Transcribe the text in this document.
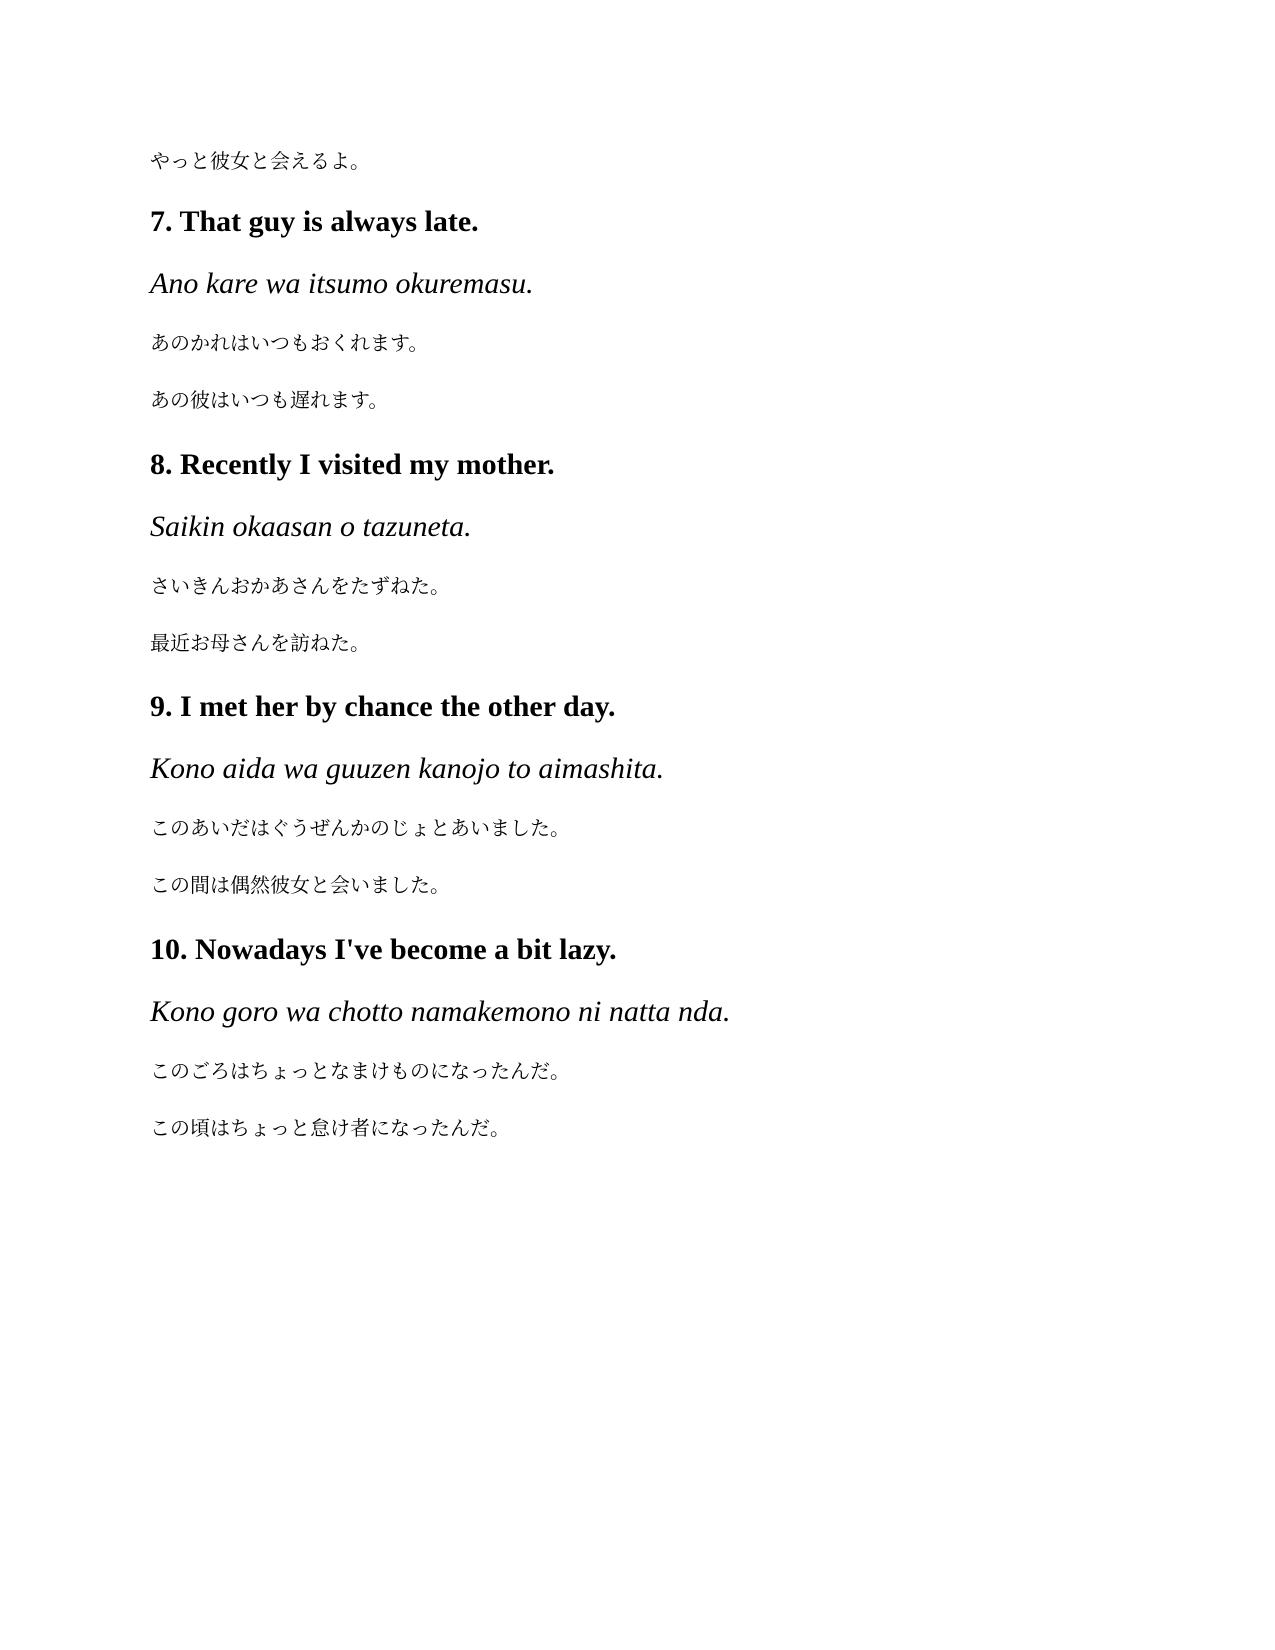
やっと彼女と会えるよ。

7. That guy is always late.

Ano kare wa itsumo okuremasu.

あのかれはいつもおくれます。

あの彼はいつも遅れます。

8. Recently I visited my mother.

Saikin okaasan o tazuneta.

さいきんおかあさんをたずねた。

最近お母さんを訪ねた。

9. I met her by chance the other day.

Kono aida wa guuzen kanojo to aimashita.

このあいだはぐうぜんかのじょとあいました。

この間は偶然彼女と会いました。

10. Nowadays I've become a bit lazy.

Kono goro wa chotto namakemono ni natta nda.

このごろはちょっとなまけものになったんだ。

この頃はちょっと怠け者になったんだ。
